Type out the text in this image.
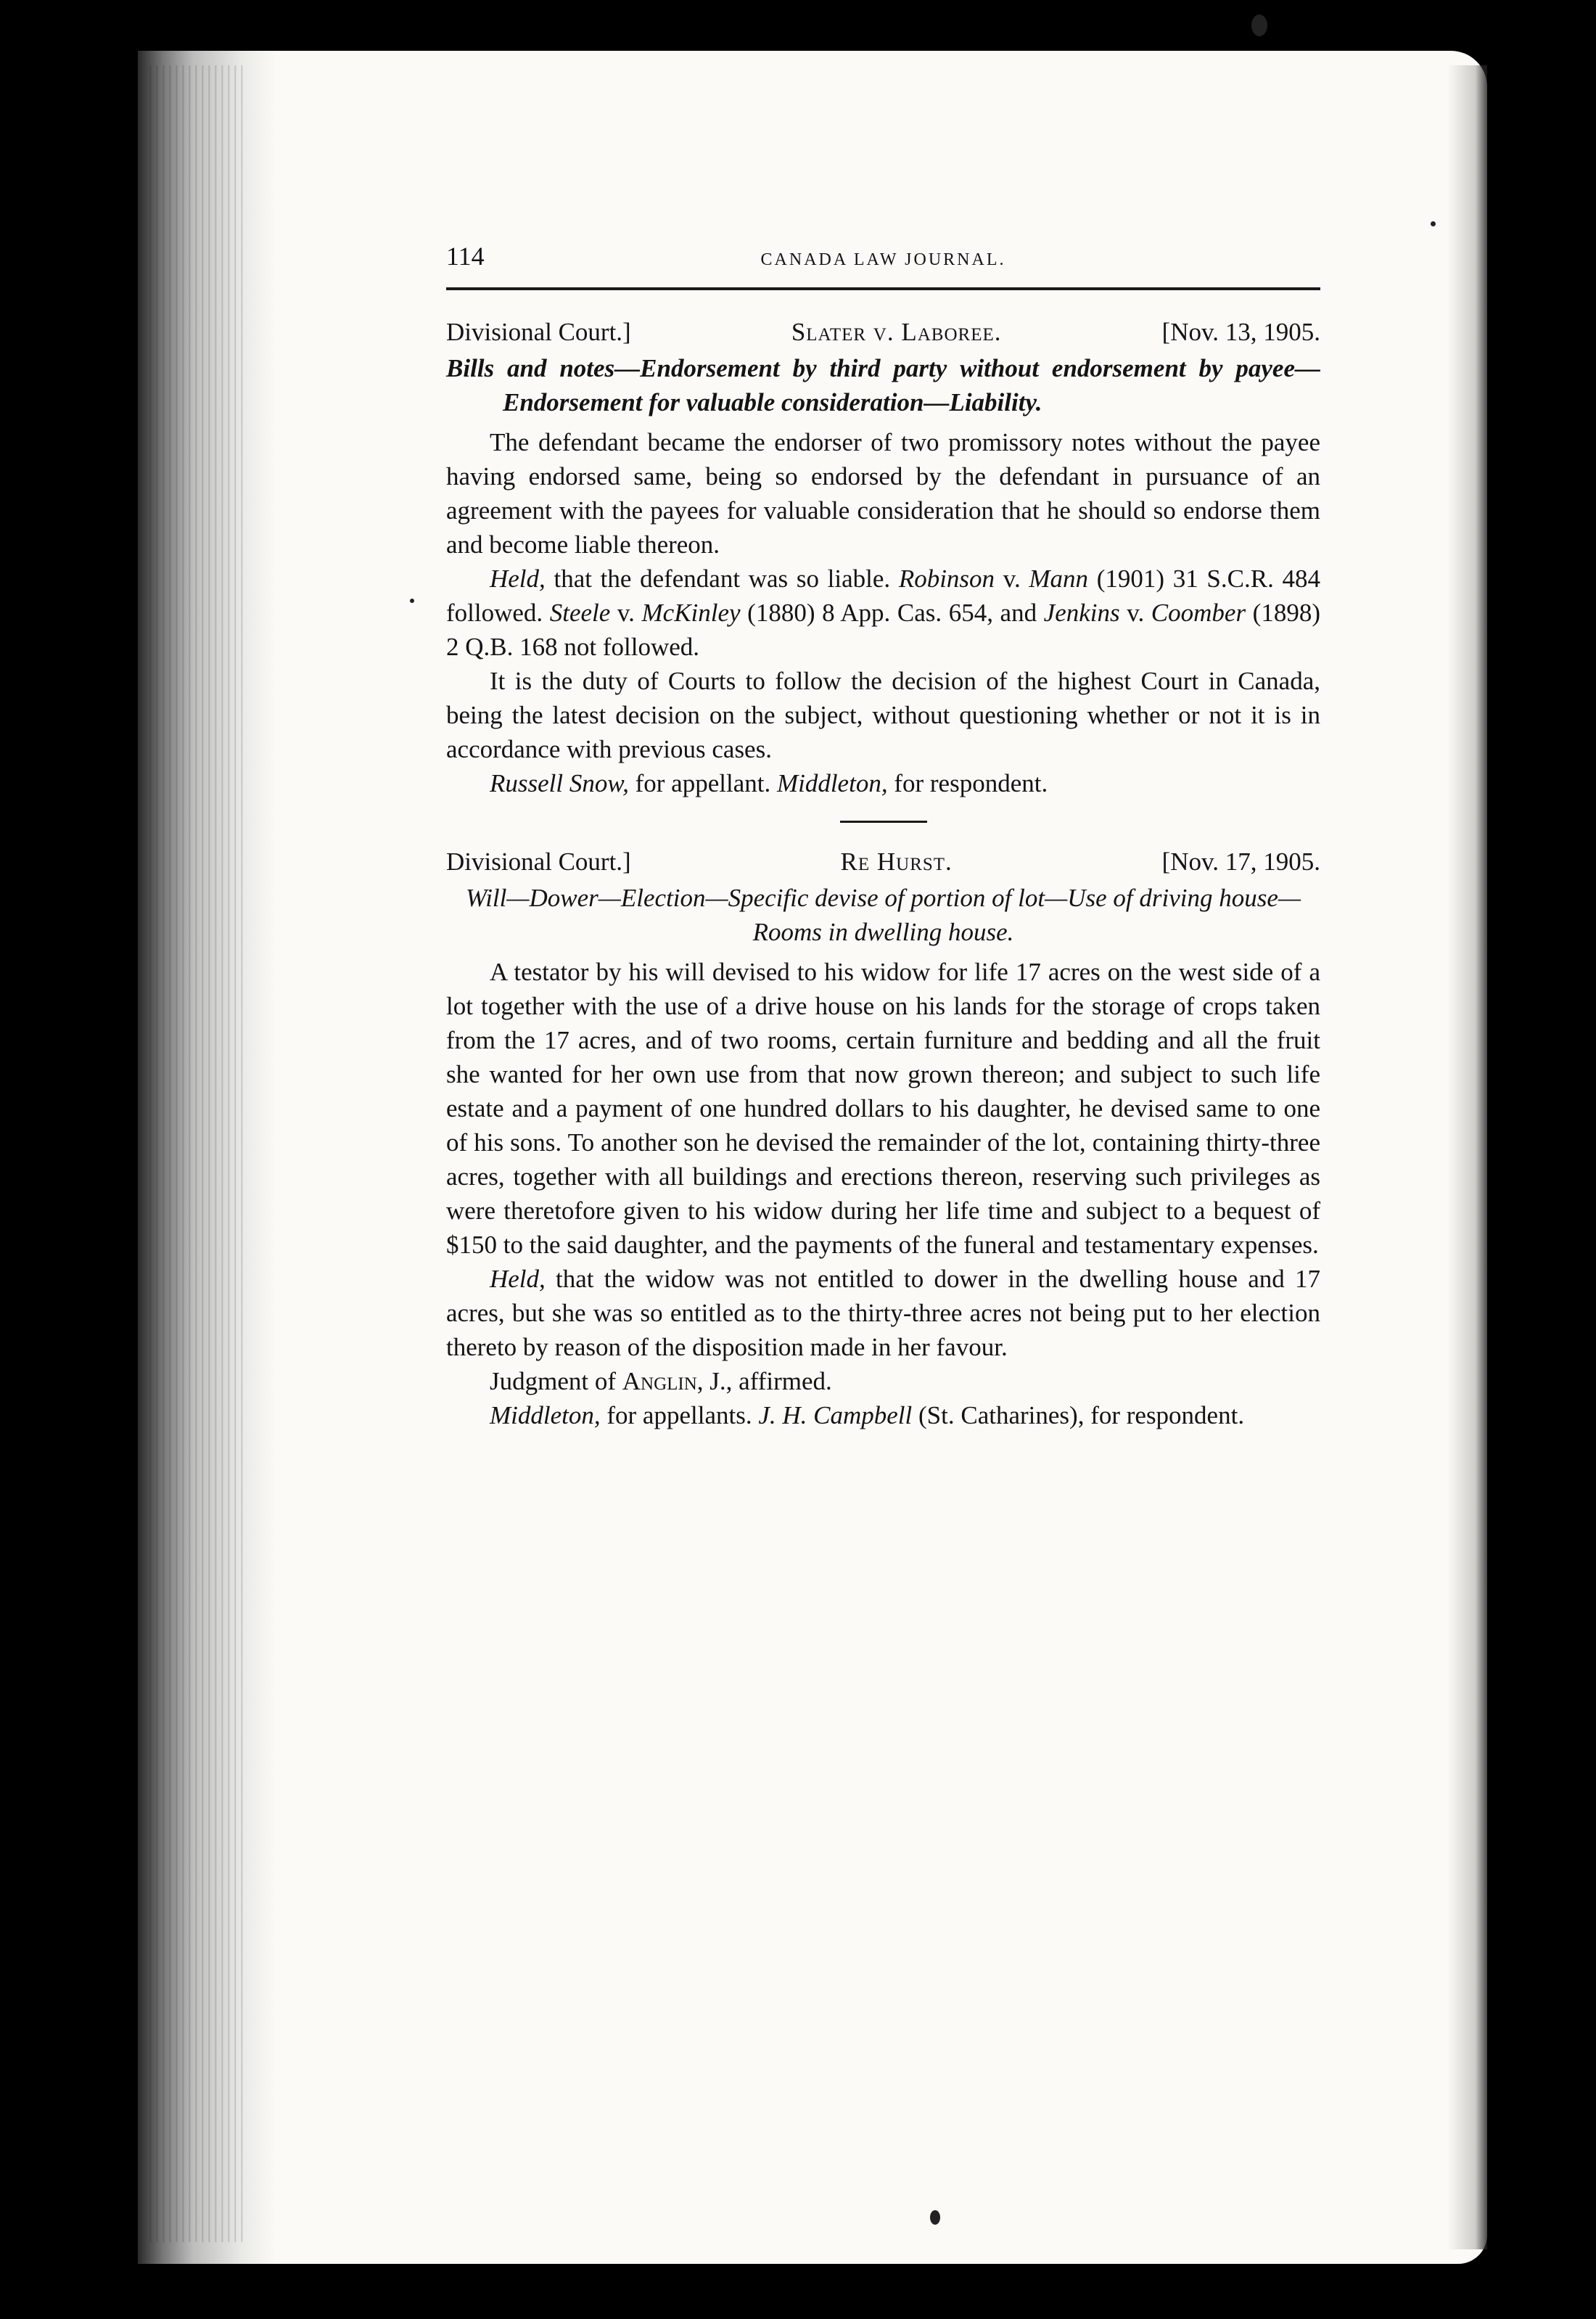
114	CANADA LAW JOURNAL.
Divisional Court.]	Slater v. Laboree.	[Nov. 13, 1905.

Bills and notes—Endorsement by third party without endorsement by payee—Endorsement for valuable consideration—Liability.

The defendant became the endorser of two promissory notes without the payee having endorsed same, being so endorsed by the defendant in pursuance of an agreement with the payees for valuable consideration that he should so endorse them and become liable thereon.

Held, that the defendant was so liable. Robinson v. Mann (1901) 31 S.C.R. 484 followed. Steele v. McKinley (1880) 8 App. Cas. 654, and Jenkins v. Coomber (1898) 2 Q.B. 168 not followed.

It is the duty of Courts to follow the decision of the highest Court in Canada, being the latest decision on the subject, without questioning whether or not it is in accordance with previous cases.

Russell Snow, for appellant. Middleton, for respondent.

Divisional Court.]	Re Hurst.	[Nov. 17, 1905.

Will—Dower—Election—Specific devise of portion of lot—Use of driving house—Rooms in dwelling house.

A testator by his will devised to his widow for life 17 acres on the west side of a lot together with the use of a drive house on his lands for the storage of crops taken from the 17 acres, and of two rooms, certain furniture and bedding and all the fruit she wanted for her own use from that now grown thereon; and subject to such life estate and a payment of one hundred dollars to his daughter, he devised same to one of his sons. To another son he devised the remainder of the lot, containing thirty-three acres, together with all buildings and erections thereon, reserving such privileges as were theretofore given to his widow during her life time and subject to a bequest of $150 to the said daughter, and the payments of the funeral and testamentary expenses.

Held, that the widow was not entitled to dower in the dwelling house and 17 acres, but she was so entitled as to the thirty-three acres not being put to her election thereto by reason of the disposition made in her favour.

Judgment of Anglin, J., affirmed.

Middleton, for appellants. J. H. Campbell (St. Catharines), for respondent.
